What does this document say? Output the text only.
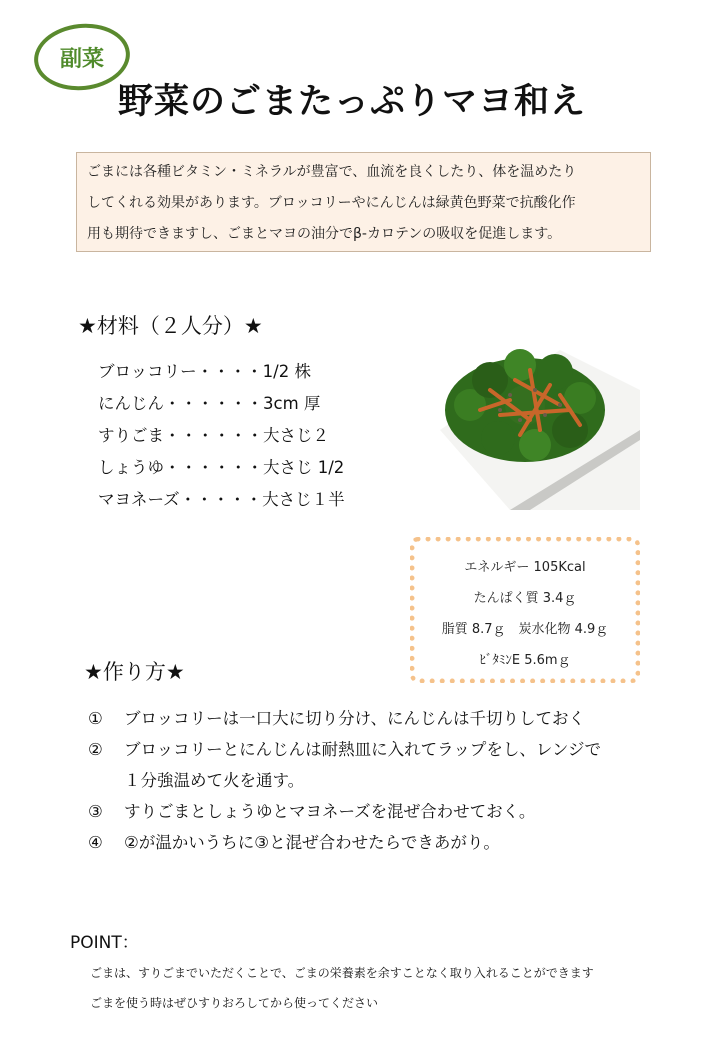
副菜
野菜のごまたっぷりマヨ和え
ごまには各種ビタミン・ミネラルが豊富で、血流を良くしたり、体を温めたり
してくれる効果があります。ブロッコリーやにんじんは緑黄色野菜で抗酸化作
用も期待できますし、ごまとマヨの油分でβ-カロテンの吸収を促進します。
★材料（２人分）★
ブロッコリー・・・・1/2 株
にんじん・・・・・・3cm 厚
すりごま・・・・・・大さじ２
しょうゆ・・・・・・大さじ 1/2
マヨネーズ・・・・・大さじ１半
エネルギー 105Kcal
たんぱく質 3.4ｇ
脂質 8.7ｇ　炭水化物 4.9ｇ
ﾋﾞﾀﾐﾝE 5.6mｇ
★作り方★
①	ブロッコリーは一口大に切り分け、にんじんは千切りしておく
②	ブロッコリーとにんじんは耐熱皿に入れてラップをし、レンジで
１分強温めて火を通す。
③	すりごまとしょうゆとマヨネーズを混ぜ合わせておく。
④	②が温かいうちに③と混ぜ合わせたらできあがり。
POINT：
ごまは、すりごまでいただくことで、ごまの栄養素を余すことなく取り入れることができます
ごまを使う時はぜひすりおろしてから使ってください
